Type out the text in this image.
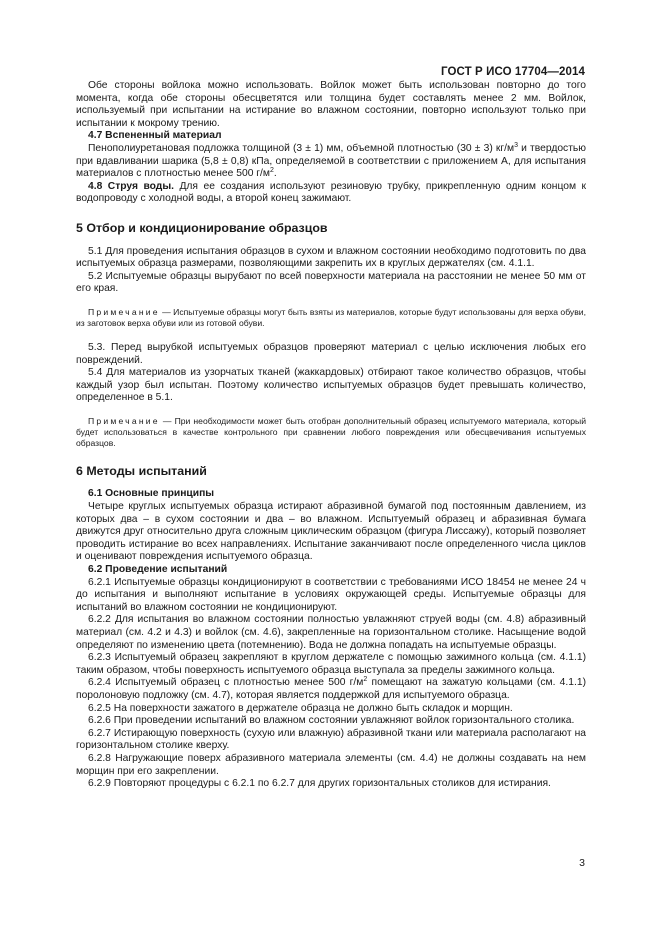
ГОСТ Р ИСО 17704—2014

Обе стороны войлока можно использовать. Войлок может быть использован повторно до того момента, когда обе стороны обесцветятся или толщина будет составлять менее 2 мм. Войлок, используемый при испытании на истирание во влажном состоянии, повторно используют только при испытании к мокрому трению.

4.7 Вспененный материал

Пенополиуретановая подложка толщиной (3 ± 1) мм, объемной плотностью (30 ± 3) $кг/м^3$ и твердостью при вдавливании шарика (5,8 ± 0,8) кПа, определяемой в соответствии с приложением А, для испытания материалов с плотностью менее 500 $г/м^2$.

4.8 Струя воды. Для ее создания используют резиновую трубку, прикрепленную одним концом к водопроводу с холодной воды, а второй конец зажимают.

5 Отбор и кондиционирование образцов

5.1 Для проведения испытания образцов в сухом и влажном состоянии необходимо подготовить по два испытуемых образца размерами, позволяющими закрепить их в круглых держателях (см. 4.1.1.

5.2 Испытуемые образцы вырубают по всей поверхности материала на расстоянии не менее 50 мм от его края.

Примечание — Испытуемые образцы могут быть взяты из материалов, которые будут использованы для верха обуви, из заготовок верха обуви или из готовой обуви.

5.3. Перед вырубкой испытуемых образцов проверяют материал с целью исключения любых его повреждений.

5.4 Для материалов из узорчатых тканей (жаккардовых) отбирают такое количество образцов, чтобы каждый узор был испытан. Поэтому количество испытуемых образцов будет превышать количество, определенное в 5.1.

Примечание — При необходимости может быть отобран дополнительный образец испытуемого материала, который будет использоваться в качестве контрольного при сравнении любого повреждения или обесцвечивания испытуемых образцов.

6 Методы испытаний

6.1 Основные принципы

Четыре круглых испытуемых образца истирают абразивной бумагой под постоянным давлением, из которых два – в сухом состоянии и два – во влажном. Испытуемый образец и абразивная бумага движутся друг относительно друга сложным циклическим образцом (фигура Лиссажу), который позволяет проводить истирание во всех направлениях. Испытание заканчивают после определенного числа циклов и оценивают повреждения испытуемого образца.

6.2 Проведение испытаний

6.2.1 Испытуемые образцы кондиционируют в соответствии с требованиями ИСО 18454 не менее 24 ч до испытания и выполняют испытание в условиях окружающей среды. Испытуемые образцы для испытаний во влажном состоянии не кондиционируют.

6.2.2 Для испытания во влажном состоянии полностью увлажняют струей воды (см. 4.8) абразивный материал (см. 4.2 и 4.3) и войлок (см. 4.6), закрепленные на горизонтальном столике. Насыщение водой определяют по изменению цвета (потемнению). Вода не должна попадать на испытуемые образцы.

6.2.3 Испытуемый образец закрепляют в круглом держателе с помощью зажимного кольца (см. 4.1.1) таким образом, чтобы поверхность испытуемого образца выступала за пределы зажимного кольца.

6.2.4 Испытуемый образец с плотностью менее 500 $г/м^2$ помещают на зажатую кольцами (см. 4.1.1) поролоновую подложку (см. 4.7), которая является поддержкой для испытуемого образца.

6.2.5 На поверхности зажатого в держателе образца не должно быть складок и морщин.

6.2.6 При проведении испытаний во влажном состоянии увлажняют войлок горизонтального столика.

6.2.7 Истирающую поверхность (сухую или влажную) абразивной ткани или материала располагают на горизонтальном столике кверху.

6.2.8 Нагружающие поверх абразивного материала элементы (см. 4.4) не должны создавать на нем морщин при его закреплении.

6.2.9 Повторяют процедуры с 6.2.1 по 6.2.7 для других горизонтальных столиков для истирания.

3
